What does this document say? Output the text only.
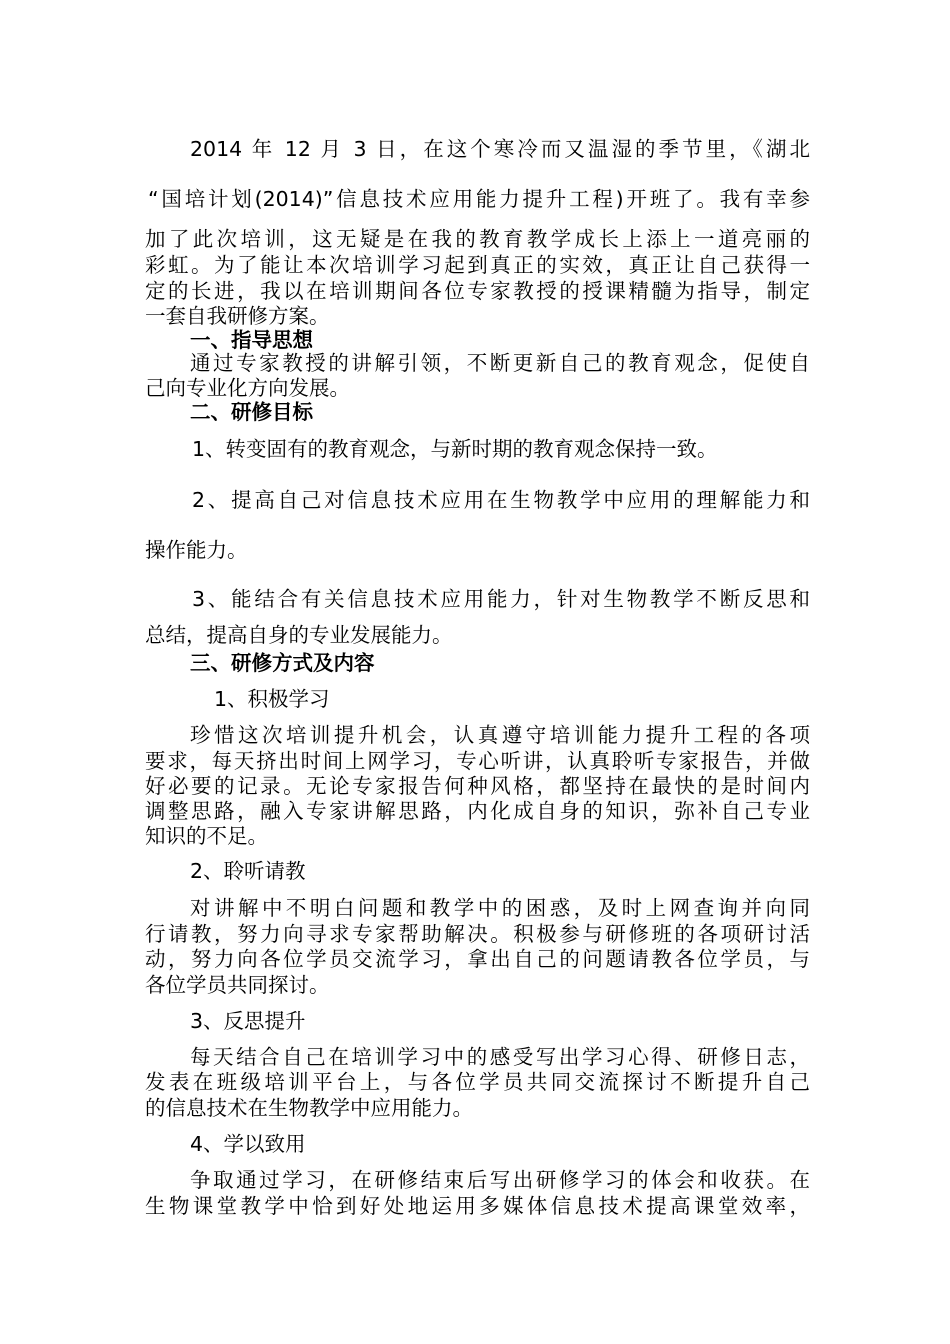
2014 年 12 月 3 日，在这个寒冷而又温湿的季节里，《湖北
“国培计划(2014)”信息技术应用能力提升工程)开班了。我有幸参
加了此次培训，这无疑是在我的教育教学成长上添上一道亮丽的
彩虹。为了能让本次培训学习起到真正的实效，真正让自己获得一
定的长进，我以在培训期间各位专家教授的授课精髓为指导，制定
一套自我研修方案。
一、指导思想
通过专家教授的讲解引领，不断更新自己的教育观念，促使自
己向专业化方向发展。
二、研修目标
1、转变固有的教育观念，与新时期的教育观念保持一致。
2、提高自己对信息技术应用在生物教学中应用的理解能力和
操作能力。
3、能结合有关信息技术应用能力，针对生物教学不断反思和
总结，提高自身的专业发展能力。
三、研修方式及内容
1、积极学习
珍惜这次培训提升机会，认真遵守培训能力提升工程的各项
要求，每天挤出时间上网学习，专心听讲，认真聆听专家报告，并做
好必要的记录。无论专家报告何种风格，都坚持在最快的是时间内
调整思路，融入专家讲解思路，内化成自身的知识，弥补自己专业
知识的不足。
2、聆听请教
对讲解中不明白问题和教学中的困惑，及时上网查询并向同
行请教，努力向寻求专家帮助解决。积极参与研修班的各项研讨活
动，努力向各位学员交流学习，拿出自己的问题请教各位学员，与
各位学员共同探讨。
3、反思提升
每天结合自己在培训学习中的感受写出学习心得、研修日志，
发表在班级培训平台上，与各位学员共同交流探讨不断提升自己
的信息技术在生物教学中应用能力。
4、学以致用
争取通过学习，在研修结束后写出研修学习的体会和收获。在
生物课堂教学中恰到好处地运用多媒体信息技术提高课堂效率，
